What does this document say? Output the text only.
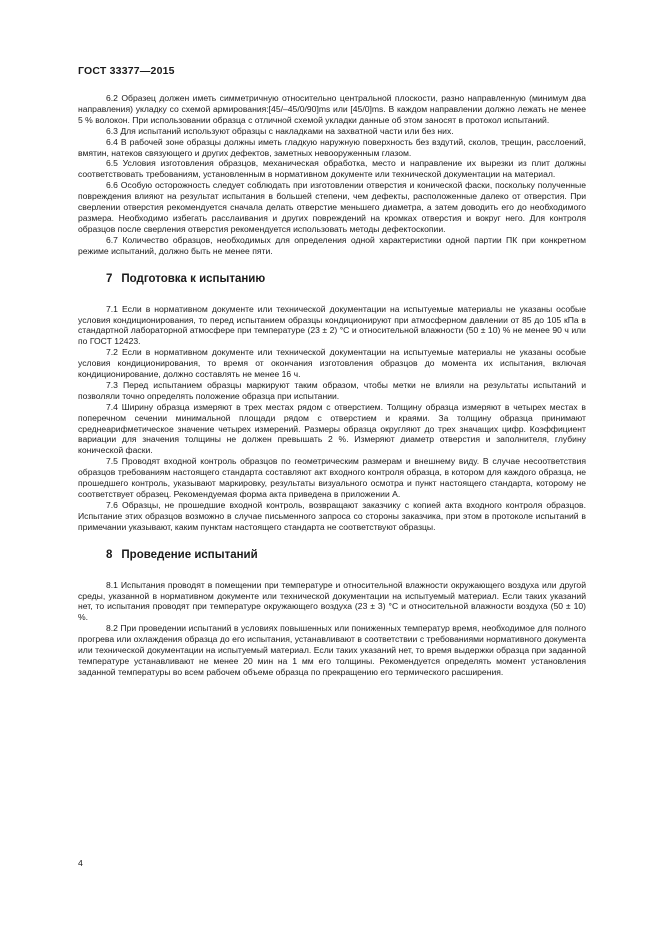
ГОСТ 33377—2015

6.2 Образец должен иметь симметричную относительно центральной плоскости, разно направленную (минимум два направления) укладку со схемой армирования:[45/–45/0/90]ms или [45/0]ms. В каждом направлении должно лежать не менее 5 % волокон. При использовании образца с отличной схемой укладки данные об этом заносят в протокол испытаний.

6.3 Для испытаний используют образцы с накладками на захватной части или без них.

6.4 В рабочей зоне образцы должны иметь гладкую наружную поверхность без вздутий, сколов, трещин, расслоений, вмятин, натеков связующего и других дефектов, заметных невооруженным глазом.

6.5 Условия изготовления образцов, механическая обработка, место и направление их вырезки из плит должны соответствовать требованиям, установленным в нормативном документе или технической документации на материал.

6.6 Особую осторожность следует соблюдать при изготовлении отверстия и конической фаски, поскольку полученные повреждения влияют на результат испытания в большей степени, чем дефекты, расположенные далеко от отверстия. При сверлении отверстия рекомендуется сначала делать отверстие меньшего диаметра, а затем доводить его до необходимого размера. Необходимо избегать расслаивания и других повреждений на кромках отверстия и вокруг него. Для контроля образцов после сверления отверстия рекомендуется использовать методы дефектоскопии.

6.7 Количество образцов, необходимых для определения одной характеристики одной партии ПК при конкретном режиме испытаний, должно быть не менее пяти.

7 Подготовка к испытанию

7.1 Если в нормативном документе или технической документации на испытуемые материалы не указаны особые условия кондиционирования, то перед испытанием образцы кондиционируют при атмосферном давлении от 85 до 105 кПа в стандартной лабораторной атмосфере при температуре (23 ± 2) °С и относительной влажности (50 ± 10) % не менее 90 ч или по ГОСТ 12423.

7.2 Если в нормативном документе или технической документации на испытуемые материалы не указаны особые условия кондиционирования, то время от окончания изготовления образцов до момента их испытания, включая кондиционирование, должно составлять не менее 16 ч.

7.3 Перед испытанием образцы маркируют таким образом, чтобы метки не влияли на результаты испытаний и позволяли точно определять положение образца при испытании.

7.4 Ширину образца измеряют в трех местах рядом с отверстием. Толщину образца измеряют в четырех местах в поперечном сечении минимальной площади рядом с отверстием и краями. За толщину образца принимают среднеарифметическое значение четырех измерений. Размеры образца округляют до трех значащих цифр. Коэффициент вариации для значения толщины не должен превышать 2 %. Измеряют диаметр отверстия и заполнителя, глубину конической фаски.

7.5 Проводят входной контроль образцов по геометрическим размерам и внешнему виду. В случае несоответствия образцов требованиям настоящего стандарта составляют акт входного контроля образца, в котором для каждого образца, не прошедшего контроль, указывают маркировку, результаты визуального осмотра и пункт настоящего стандарта, которому не соответствует образец. Рекомендуемая форма акта приведена в приложении А.

7.6 Образцы, не прошедшие входной контроль, возвращают заказчику с копией акта входного контроля образцов. Испытание этих образцов возможно в случае письменного запроса со стороны заказчика, при этом в протоколе испытаний в примечании указывают, каким пунктам настоящего стандарта не соответствуют образцы.

8 Проведение испытаний

8.1 Испытания проводят в помещении при температуре и относительной влажности окружающего воздуха или другой среды, указанной в нормативном документе или технической документации на испытуемый материал. Если таких указаний нет, то испытания проводят при температуре окружающего воздуха (23 ± 3) °С и относительной влажности воздуха (50 ± 10) %.

8.2 При проведении испытаний в условиях повышенных или пониженных температур время, необходимое для полного прогрева или охлаждения образца до его испытания, устанавливают в соответствии с требованиями нормативного документа или технической документации на испытуемый материал. Если таких указаний нет, то время выдержки образца при заданной температуре устанавливают не менее 20 мин на 1 мм его толщины. Рекомендуется определять момент установления заданной температуры во всем рабочем объеме образца по прекращению его термического расширения.

4
